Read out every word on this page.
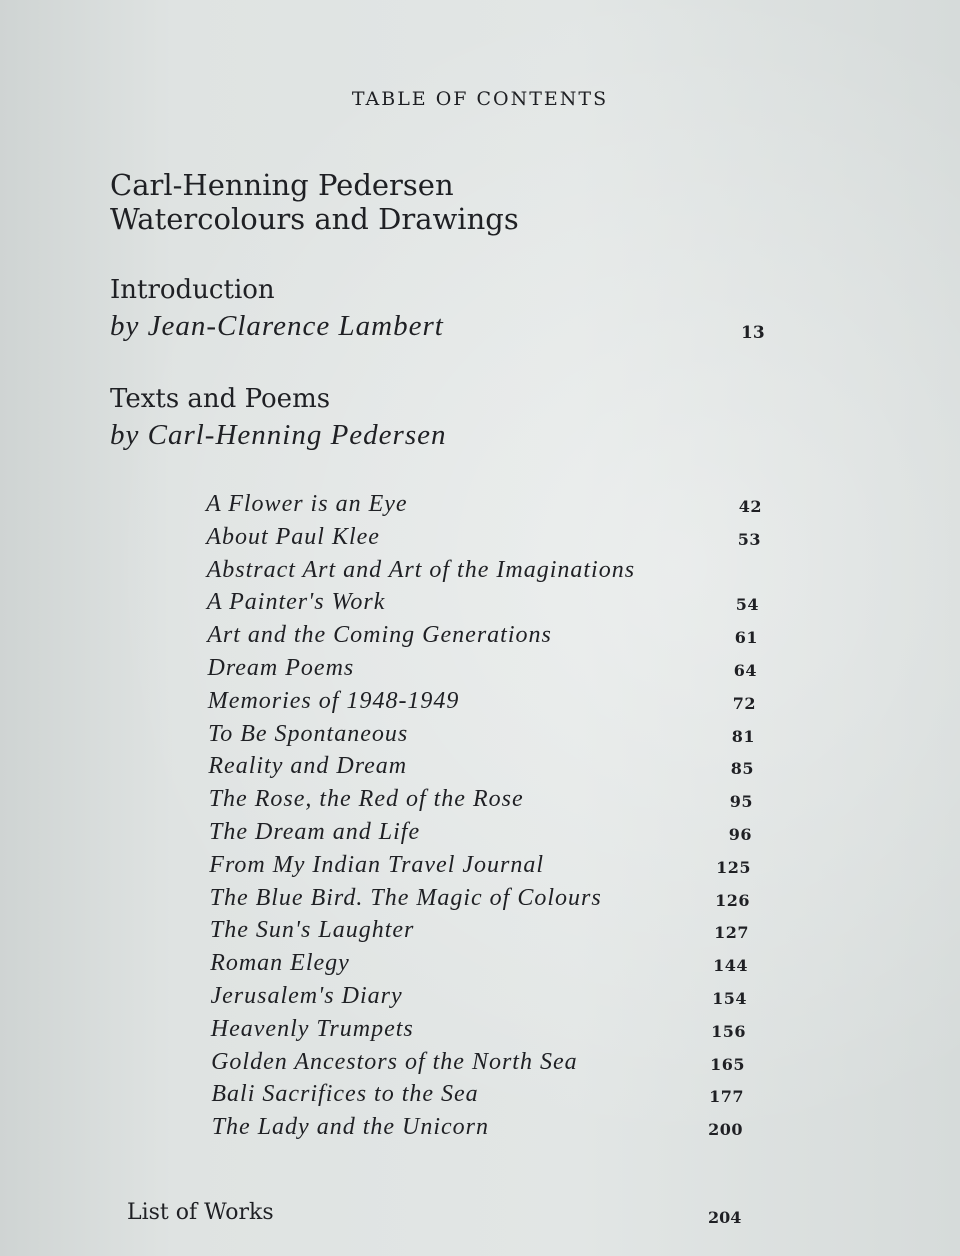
TABLE OF CONTENTS
Carl-Henning Pedersen
Watercolours and Drawings
Introduction
by Jean-Clarence Lambert	13
Texts and Poems
by Carl-Henning Pedersen
A Flower is an Eye	42
About Paul Klee	53
Abstract Art and Art of the Imaginations
A Painter's Work	54
Art and the Coming Generations	61
Dream Poems	64
Memories of 1948-1949	72
To Be Spontaneous	81
Reality and Dream	85
The Rose, the Red of the Rose	95
The Dream and Life	96
From My Indian Travel Journal	125
The Blue Bird. The Magic of Colours	126
The Sun's Laughter	127
Roman Elegy	144
Jerusalem's Diary	154
Heavenly Trumpets	156
Golden Ancestors of the North Sea	165
Bali Sacrifices to the Sea	177
The Lady and the Unicorn	200
List of Works	204
